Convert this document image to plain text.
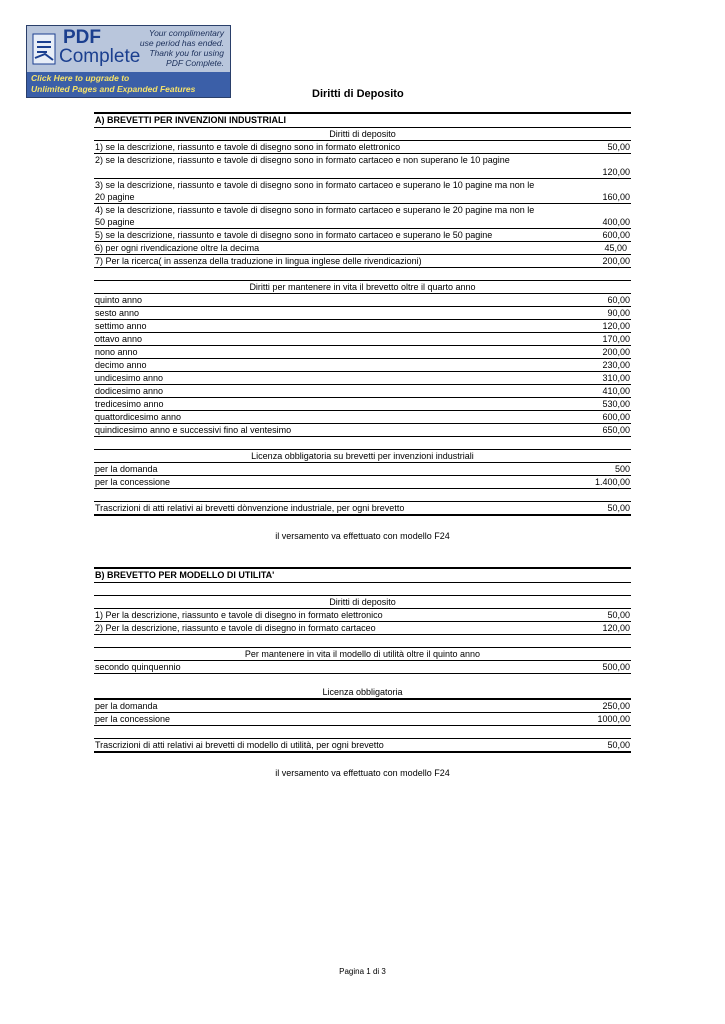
PDF
Complete
Your complimentary
use period has ended.
Thank you for using
PDF Complete.
Click Here to upgrade to
Unlimited Pages and Expanded Features	Diritti di Deposito
A) BREVETTI PER INVENZIONI INDUSTRIALI
Diritti di deposito
1) se la descrizione, riassunto e tavole di disegno sono in formato elettronico	50,00
2) se la descrizione, riassunto e tavole di disegno sono in formato cartaceo e non superano le 10 pagine
120,00
3) se la descrizione, riassunto e tavole di disegno sono in formato cartaceo e superano le 10 pagine ma non le 20 pagine	160,00
4) se la descrizione, riassunto e tavole di disegno sono in formato cartaceo e superano le 20 pagine ma non le 50 pagine	400,00
5) se la descrizione, riassunto e tavole di disegno sono in formato cartaceo e superano le 50 pagine	600,00
6) per ogni rivendicazione oltre la decima	45,00
7) Per la ricerca( in assenza della traduzione in lingua inglese delle rivendicazioni)	200,00
Diritti per mantenere in vita il brevetto oltre il quarto anno
quinto anno	60,00
sesto anno	90,00
settimo anno	120,00
ottavo anno	170,00
nono anno	200,00
decimo anno	230,00
undicesimo anno	310,00
dodicesimo anno	410,00
tredicesimo anno	530,00
quattordicesimo anno	600,00
quindicesimo anno e successivi fino al ventesimo	650,00
Licenza obbligatoria su brevetti per invenzioni industriali
per la domanda	500
per la concessione	1.400,00
Trascrizioni di atti relativi ai brevetti dònvenzione industriale, per ogni brevetto	50,00
il versamento va effettuato con modello F24
B) BREVETTO PER MODELLO DI UTILITA'
Diritti di deposito
1) Per la descrizione, riassunto e tavole di disegno in formato elettronico	50,00
2) Per la descrizione, riassunto e tavole di disegno in formato cartaceo	120,00
Per mantenere in vita il modello di utilità oltre il quinto anno
secondo quinquennio	500,00
Licenza obbligatoria
per la domanda	250,00
per la concessione	1000,00
Trascrizioni di atti relativi ai brevetti di modello di utilità, per ogni brevetto	50,00
il versamento va effettuato con modello F24
Pagina 1 di 3
